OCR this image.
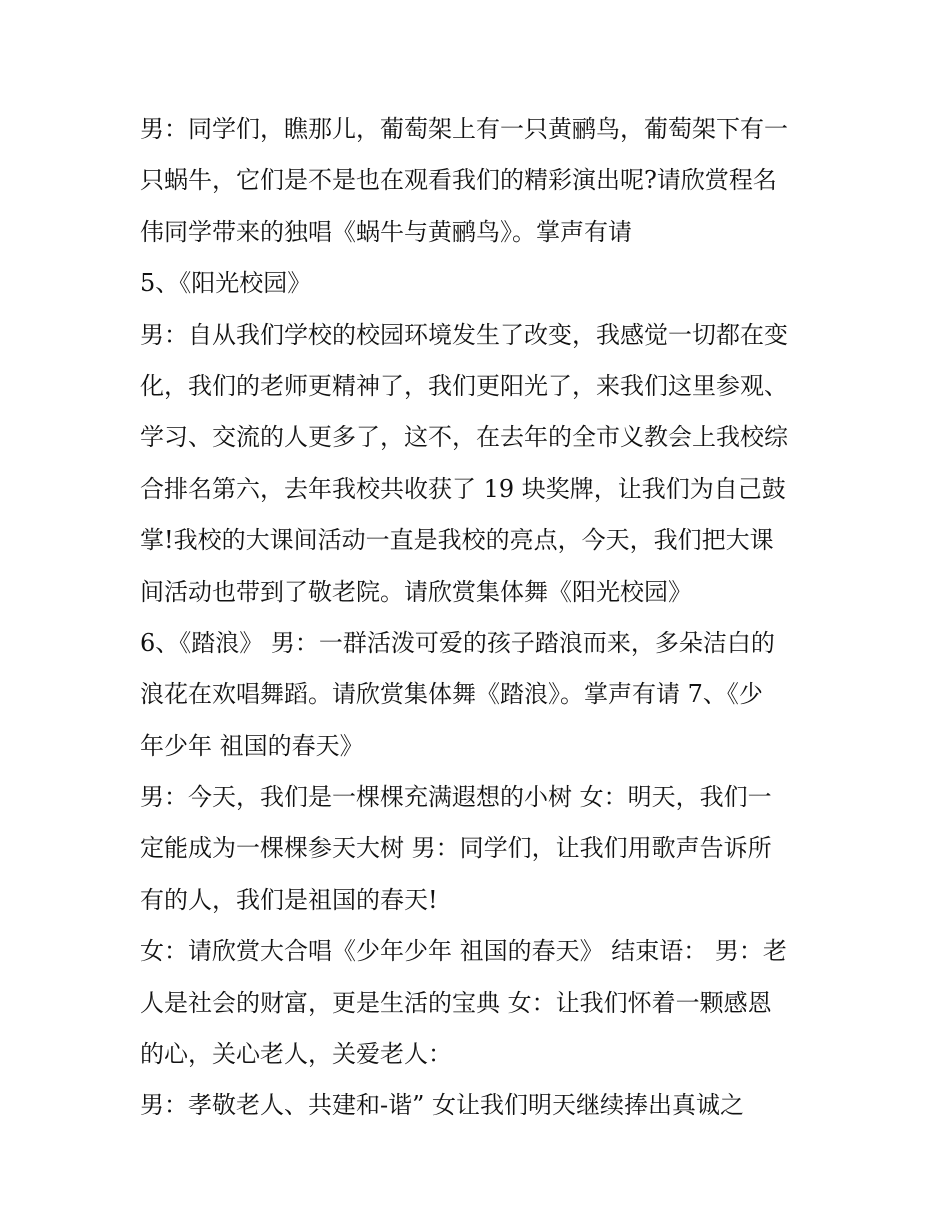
男：同学们，瞧那儿，葡萄架上有一只黄鹂鸟，葡萄架下有一
只蜗牛，它们是不是也在观看我们的精彩演出呢?请欣赏程名
伟同学带来的独唱《蜗牛与黄鹂鸟》。掌声有请
5、《阳光校园》
男：自从我们学校的校园环境发生了改变，我感觉一切都在变
化，我们的老师更精神了，我们更阳光了，来我们这里参观、
学习、交流的人更多了，这不，在去年的全市义教会上我校综
合排名第六，去年我校共收获了 19 块奖牌，让我们为自己鼓
掌!我校的大课间活动一直是我校的亮点，今天，我们把大课
间活动也带到了敬老院。请欣赏集体舞《阳光校园》
6、《踏浪》 男：一群活泼可爱的孩子踏浪而来，多朵洁白的
浪花在欢唱舞蹈。请欣赏集体舞《踏浪》。掌声有请 7、《少
年少年 祖国的春天》
男：今天，我们是一棵棵充满遐想的小树 女：明天，我们一
定能成为一棵棵参天大树 男：同学们，让我们用歌声告诉所
有的人，我们是祖国的春天!
女：请欣赏大合唱《少年少年 祖国的春天》 结束语： 男：老
人是社会的财富，更是生活的宝典 女：让我们怀着一颗感恩
的心，关心老人，关爱老人：
男：孝敬老人、共建和-谐” 女让我们明天继续捧出真诚之
